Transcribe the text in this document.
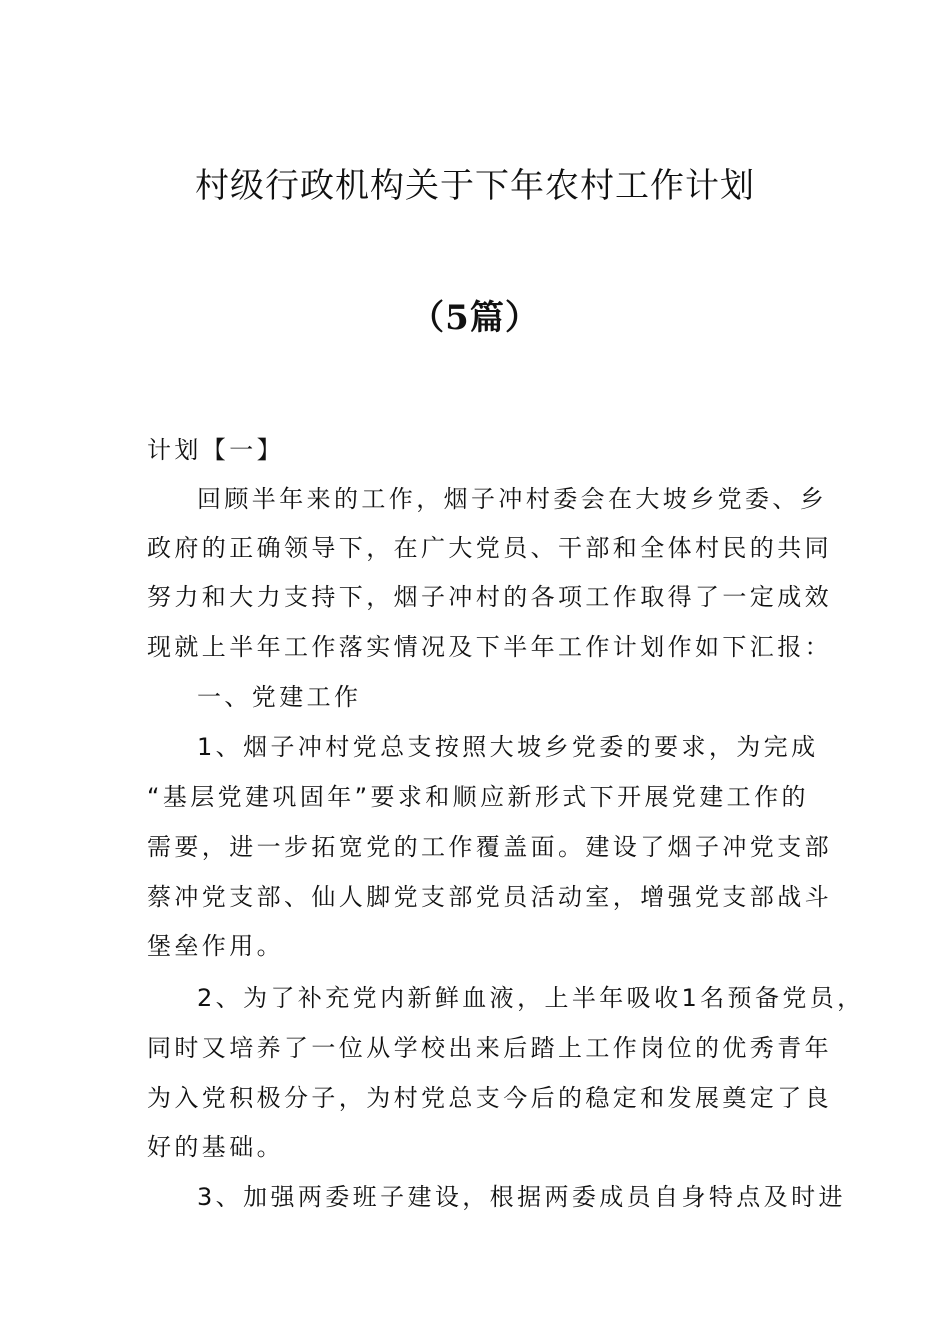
村级行政机构关于下年农村工作计划
（5篇）
计划【一】
回顾半年来的工作，烟子冲村委会在大坡乡党委、乡
政府的正确领导下，在广大党员、干部和全体村民的共同
努力和大力支持下，烟子冲村的各项工作取得了一定成效
现就上半年工作落实情况及下半年工作计划作如下汇报：
一、党建工作
1、烟子冲村党总支按照大坡乡党委的要求，为完成
“基层党建巩固年”要求和顺应新形式下开展党建工作的
需要，进一步拓宽党的工作覆盖面。建设了烟子冲党支部
蔡冲党支部、仙人脚党支部党员活动室，增强党支部战斗
堡垒作用。
2、为了补充党内新鲜血液，上半年吸收1名预备党员，
同时又培养了一位从学校出来后踏上工作岗位的优秀青年
为入党积极分子，为村党总支今后的稳定和发展奠定了良
好的基础。
3、加强两委班子建设，根据两委成员自身特点及时进
